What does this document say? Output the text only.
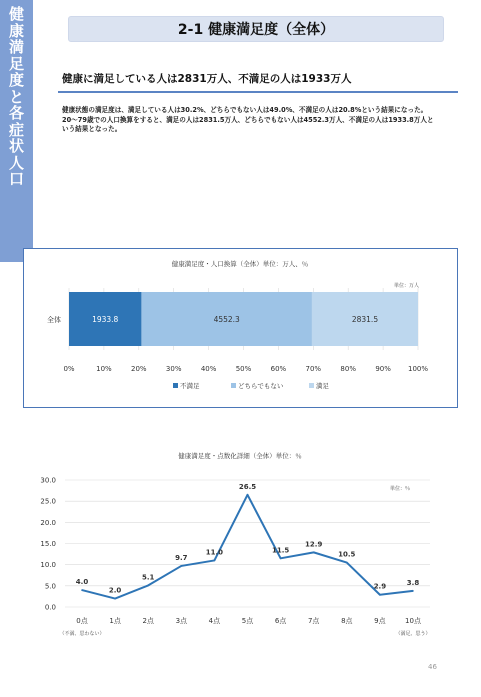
健
康
満
足
度
と
各
症
状
人
口
2-1 健康満足度（全体）
健康に満足している人は2831万人、不満足の人は1933万人
健康状態の満足度は、満足している人は30.2%、どちらでもない人は49.0%、不満足の人は20.8%という結果になった。20～79歳での人口換算をすると、満足の人は2831.5万人、どちらでもない人は4552.3万人、不満足の人は1933.8万人という結果となった。
健康満足度・人口換算（全体）単位：万人、％
単位：万人
0%	10%	20%	30%	40%	50%	60%	70%	80%	90% 100%
全体	1933.8	4552.3	2831.5
不満足	どちらでもない	満足
健康満足度・点数化詳細（全体）単位：％
単位：％
0.0
5.0
10.0
15.0
20.0
25.0
30.0
0点	1点	2点	3点	4点	5点	6点	7点	8点	9点	10点
（不満、思わない）	（満足、思う）
4.0
2.0
5.1
9.7
11.0
26.5
11.5
12.9
10.5
2.9	3.8
46
